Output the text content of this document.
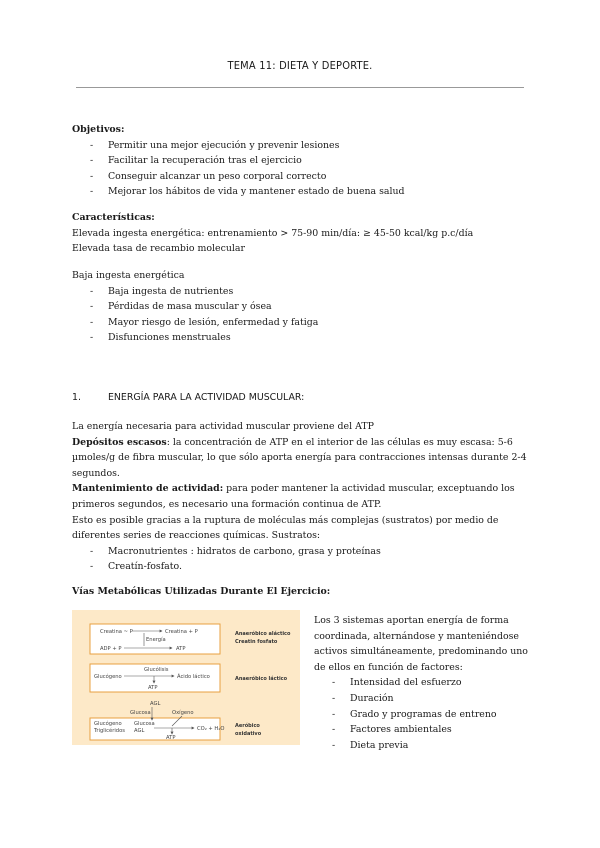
TEMA 11: DIETA Y DEPORTE.
Objetivos:
- Permitir una mejor ejecución y prevenir lesiones
- Facilitar la recuperación tras el ejercicio
- Conseguir alcanzar un peso corporal correcto
- Mejorar los hábitos de vida y mantener estado de buena salud
Características:
Elevada ingesta energética: entrenamiento > 75-90 min/día: ≥ 45-50 kcal/kg p.c/día
Elevada tasa de recambio molecular
Baja ingesta energética
- Baja ingesta de nutrientes
- Pérdidas de masa muscular y ósea
- Mayor riesgo de lesión, enfermedad y fatiga
- Disfunciones menstruales
1.	ENERGÍA PARA LA ACTIVIDAD MUSCULAR:
La energía necesaria para actividad muscular proviene del ATP
Depósitos escasos: la concentración de ATP en el interior de las células es muy escasa: 5-6 µmoles/g de fibra muscular, lo que sólo aporta energía para contracciones intensas durante 2-4 segundos.
Mantenimiento de actividad: para poder mantener la actividad muscular, exceptuando los primeros segundos, es necesario una formación continua de ATP.
Esto es posible gracias a la ruptura de moléculas más complejas (sustratos) por medio de diferentes series de reacciones químicas. Sustratos:
- Macronutrientes : hidratos de carbono, grasa y proteínas
- Creatín-fosfato.
Vías Metabólicas Utilizadas Durante El Ejercicio:
Creatina ~ P	Creatina + P
Energía
ADP + P	ATP
Anaeróbico aláctico
Creatin fosfato
Glucólisis
Glucógeno	Ácido láctico
ATP
Anaeróbico láctico
AGL
Glucosa	Oxígeno
Glucógeno
Triglicéridos
Glucosa
AGL	CO₂ + H₂O
ATP
Aeróbico
oxidativo
Los 3 sistemas aportan energía de forma coordinada, alternándose y manteniéndose activos simultáneamente, predominando uno de ellos en función de factores:
- Intensidad del esfuerzo
- Duración
- Grado y programas de entreno
- Factores ambientales
- Dieta previa
